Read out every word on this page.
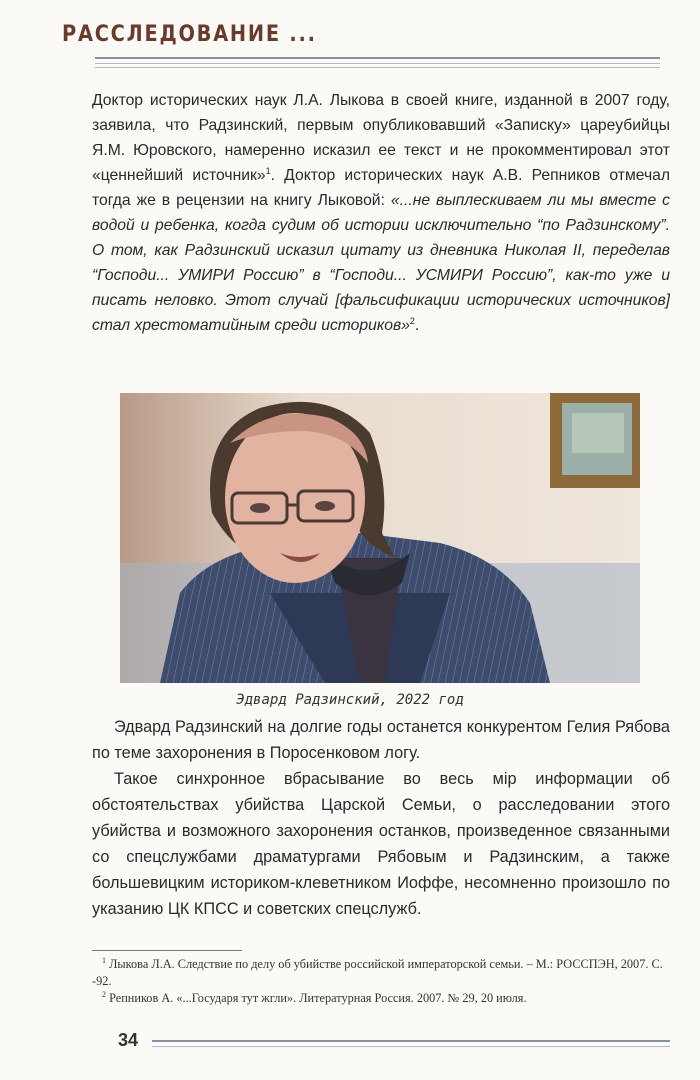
РАССЛЕДОВАНИЕ ...
Доктор исторических наук Л.А. Лыкова в своей книге, изданной в 2007 году, заявила, что Радзинский, первым опубликовавший «Записку» цареубийцы Я.М. Юровского, намеренно исказил ее текст и не прокомментировал этот «ценнейший источник»$^1$. Доктор исторических наук А.В. Репников отмечал тогда же в рецензии на книгу Лыковой: «...не выплескиваем ли мы вместе с водой и ребенка, когда судим об истории исключительно “по Радзинскому”. О том, как Радзинский исказил цитату из дневника Николая II, переделав “Господи... УМИРИ Россию” в “Господи... УСМИРИ Россию”, как-то уже и писать неловко. Этот случай [фальсификации исторических источников] стал хрестоматийным среди историков»$^2$.
Эдвард Радзинский, 2022 год
Эдвард Радзинский на долгие годы останется конкурентом Гелия Рябова по теме захоронения в Поросенковом логу.
Такое синхронное вбрасывание во весь мiр информации об обстоятельствах убийства Царской Семьи, о расследовании этого убийства и возможного захоронения останков, произведенное связанными со спецслужбами драматургами Рябовым и Радзинским, а также большевицким историком-клеветником Иоффе, несомненно произошло по указанию ЦК КПСС и советских спецслужб.

$^1$ Лыкова Л.А. Следствие по делу об убийстве российской императорской семьи. – М.: РОССПЭН, 2007. С. -92.

$^2$ Репников А. «...Государя тут жгли». Литературная Россия. 2007. № 29, 20 июля.

34
